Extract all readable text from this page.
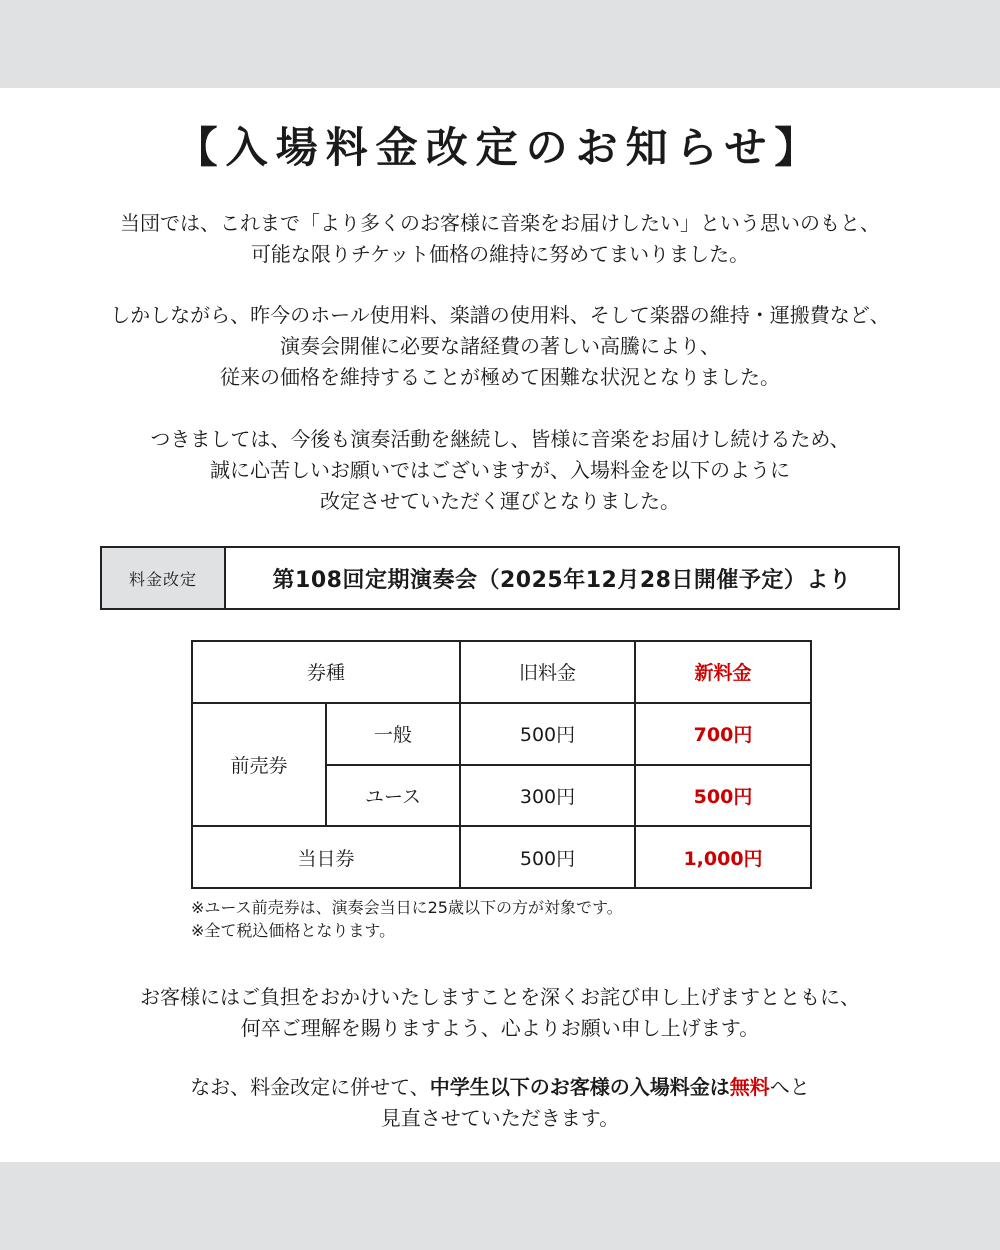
【入場料金改定のお知らせ】

当団では、これまで「より多くのお客様に音楽をお届けしたい」という思いのもと、

可能な限りチケット価格の維持に努めてまいりました。

しかしながら、昨今のホール使用料、楽譜の使用料、そして楽器の維持・運搬費など、

演奏会開催に必要な諸経費の著しい高騰により、

従来の価格を維持することが極めて困難な状況となりました。

つきましては、今後も演奏活動を継続し、皆様に音楽をお届けし続けるため、

誠に心苦しいお願いではございますが、入場料金を以下のように

改定させていただく運びとなりました。

料金改定	第108回定期演奏会（2025年12月28日開催予定）より
券種		旧料金	新料金
前売券	一般	500円	700円
	ユース	300円	500円
当日券		500円	1,000円

※ユース前売券は、演奏会当日に25歳以下の方が対象です。

※全て税込価格となります。

お客様にはご負担をおかけいたしますことを深くお詫び申し上げますとともに、

何卒ご理解を賜りますよう、心よりお願い申し上げます。

なお、料金改定に併せて、中学生以下のお客様の入場料金は無料へと

見直させていただきます。
